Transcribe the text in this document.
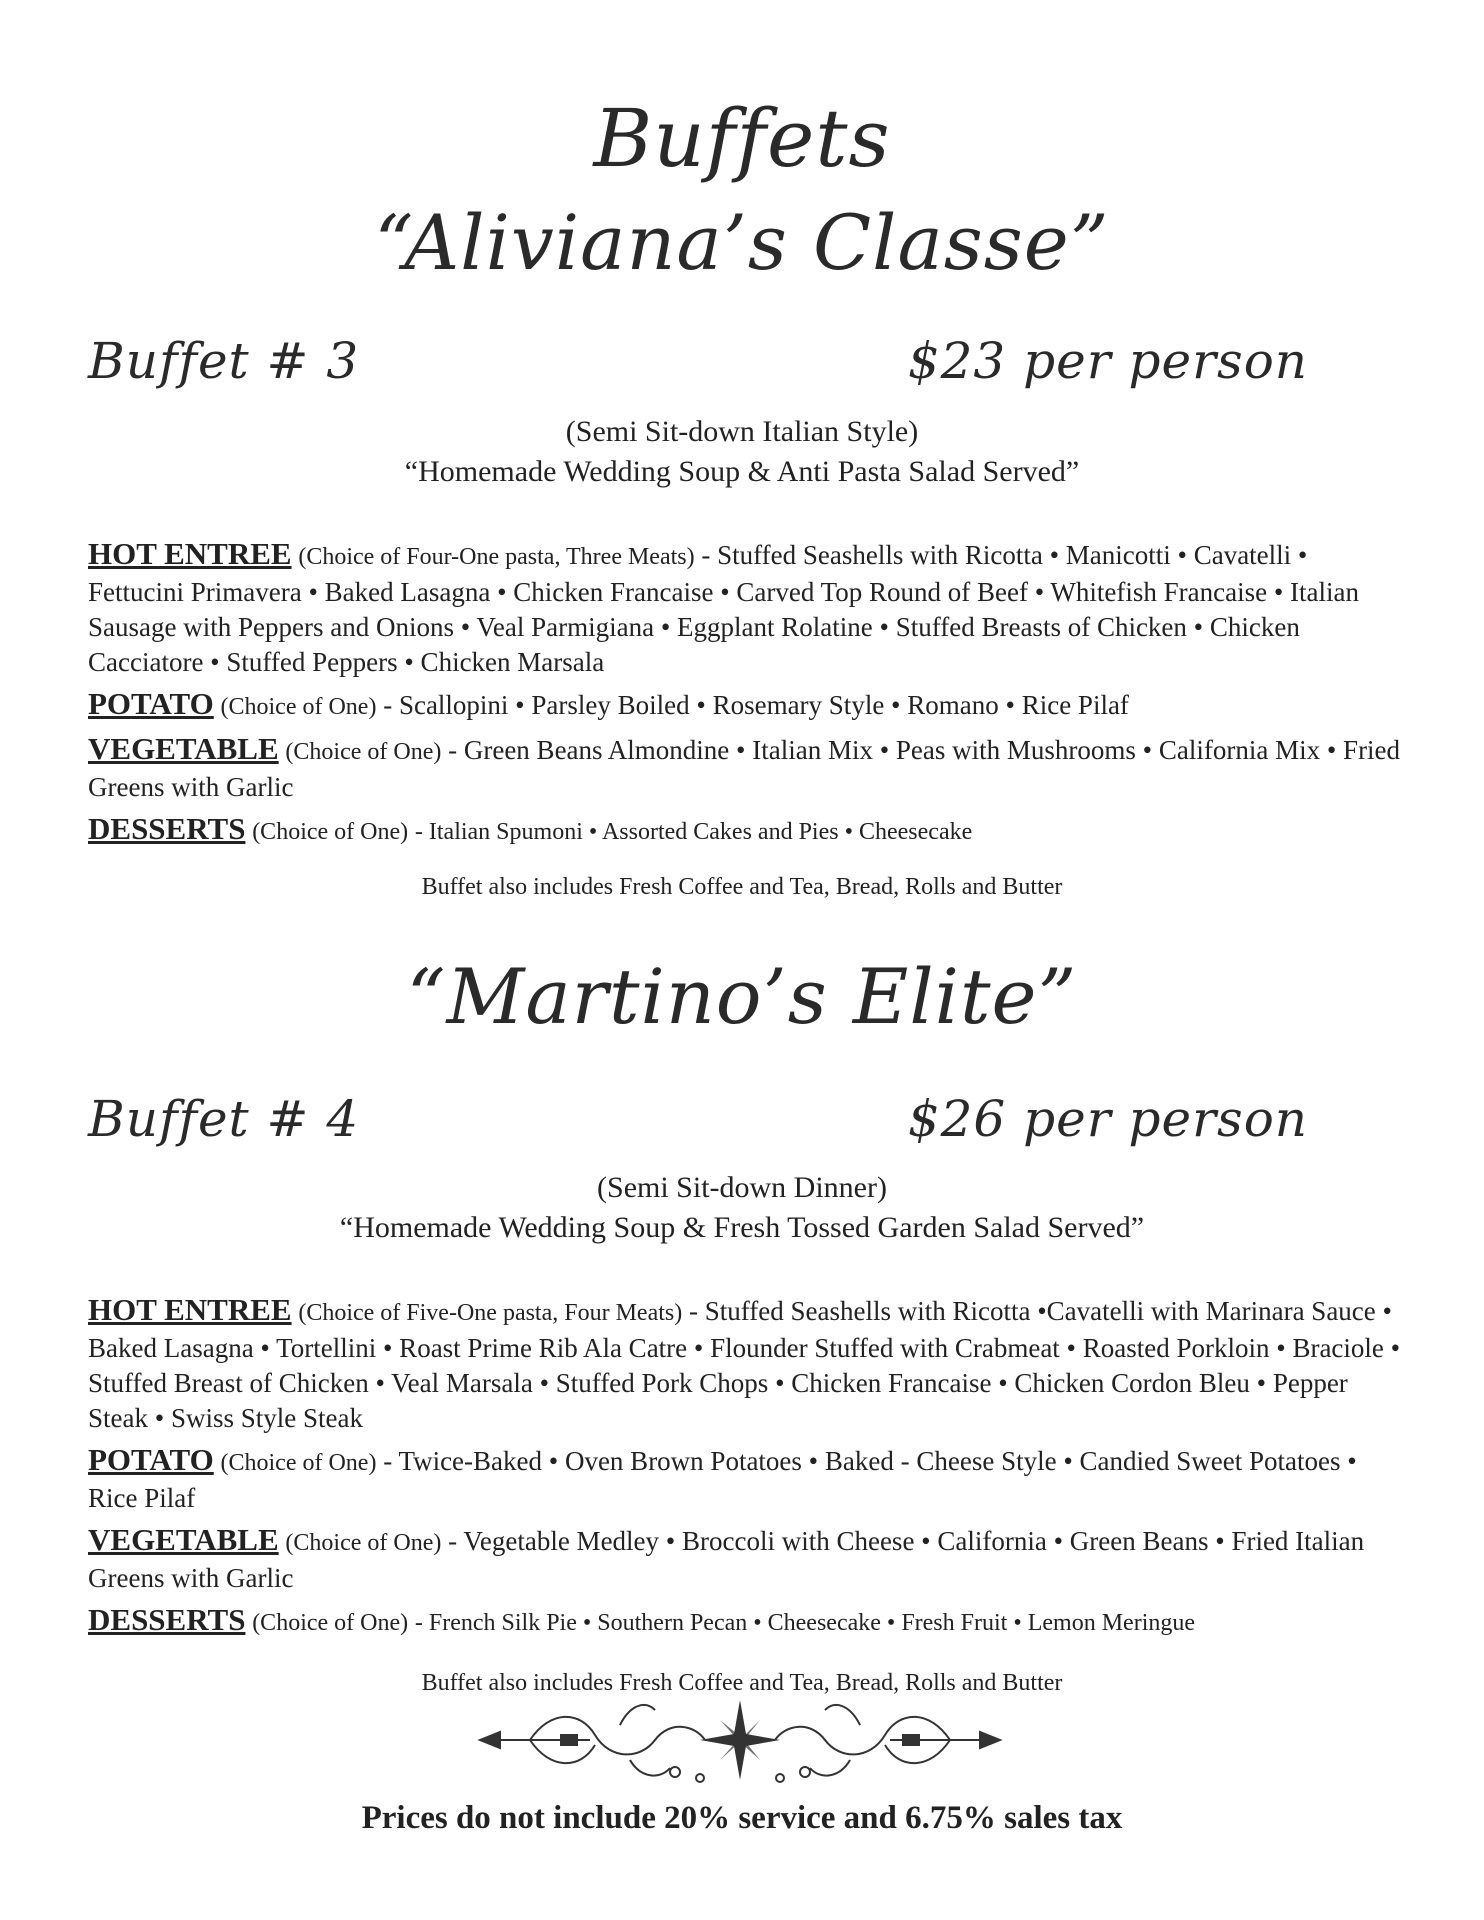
Buffets
“Aliviana’s Classe”
Buffet # 3	$23 per person
(Semi Sit-down Italian Style)
“Homemade Wedding Soup & Anti Pasta Salad Served”

HOT ENTREE (Choice of Four-One pasta, Three Meats) - Stuffed Seashells with Ricotta • Manicotti • Cavatelli • Fettucini Primavera • Baked Lasagna • Chicken Francaise • Carved Top Round of Beef • Whitefish Francaise • Italian Sausage with Peppers and Onions • Veal Parmigiana • Eggplant Rolatine • Stuffed Breasts of Chicken • Chicken Cacciatore • Stuffed Peppers • Chicken Marsala

POTATO (Choice of One) - Scallopini • Parsley Boiled • Rosemary Style • Romano • Rice Pilaf

VEGETABLE (Choice of One) - Green Beans Almondine • Italian Mix • Peas with Mushrooms • California Mix • Fried Greens with Garlic

DESSERTS (Choice of One) - Italian Spumoni • Assorted Cakes and Pies • Cheesecake

Buffet also includes Fresh Coffee and Tea, Bread, Rolls and Butter
“Martino’s Elite”
Buffet # 4	$26 per person
(Semi Sit-down Dinner)
“Homemade Wedding Soup & Fresh Tossed Garden Salad Served”

HOT ENTREE (Choice of Five-One pasta, Four Meats) - Stuffed Seashells with Ricotta •Cavatelli with Marinara Sauce • Baked Lasagna • Tortellini • Roast Prime Rib Ala Catre • Flounder Stuffed with Crabmeat • Roasted Porkloin • Braciole • Stuffed Breast of Chicken • Veal Marsala • Stuffed Pork Chops • Chicken Francaise • Chicken Cordon Bleu • Pepper Steak • Swiss Style Steak

POTATO (Choice of One) - Twice-Baked • Oven Brown Potatoes • Baked - Cheese Style • Candied Sweet Potatoes • Rice Pilaf

VEGETABLE (Choice of One) - Vegetable Medley • Broccoli with Cheese • California • Green Beans • Fried Italian Greens with Garlic

DESSERTS (Choice of One) - French Silk Pie • Southern Pecan • Cheesecake • Fresh Fruit • Lemon Meringue

Buffet also includes Fresh Coffee and Tea, Bread, Rolls and Butter
Prices do not include 20% service and 6.75% sales tax
